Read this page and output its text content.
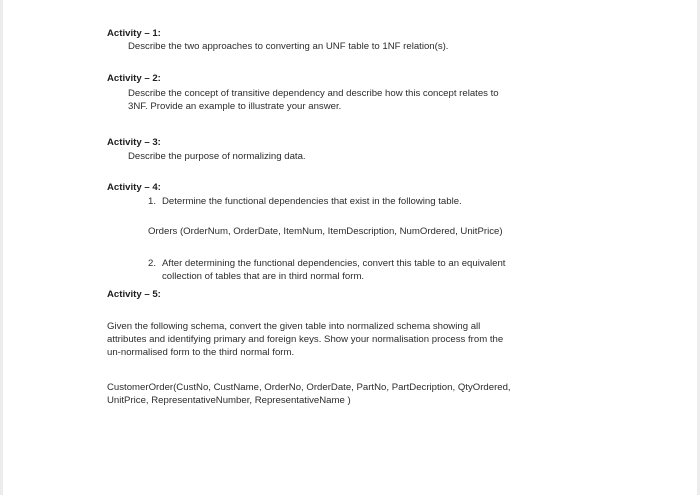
Activity – 1:
Describe the two approaches to converting an UNF table to 1NF relation(s).
Activity – 2:
Describe the concept of transitive dependency and describe how this concept relates to
3NF. Provide an example to illustrate your answer.
Activity – 3:
Describe the purpose of normalizing data.
Activity – 4:
1. Determine the functional dependencies that exist in the following table.
Orders (OrderNum, OrderDate, ItemNum, ItemDescription, NumOrdered, UnitPrice)
2. After determining the functional dependencies, convert this table to an equivalent
collection of tables that are in third normal form.
Activity – 5:
Given the following schema, convert the given table into normalized schema showing all
attributes and identifying primary and foreign keys. Show your normalisation process from the
un-normalised form to the third normal form.
CustomerOrder(CustNo, CustName, OrderNo, OrderDate, PartNo, PartDecription, QtyOrdered,
UnitPrice, RepresentativeNumber, RepresentativeName )
